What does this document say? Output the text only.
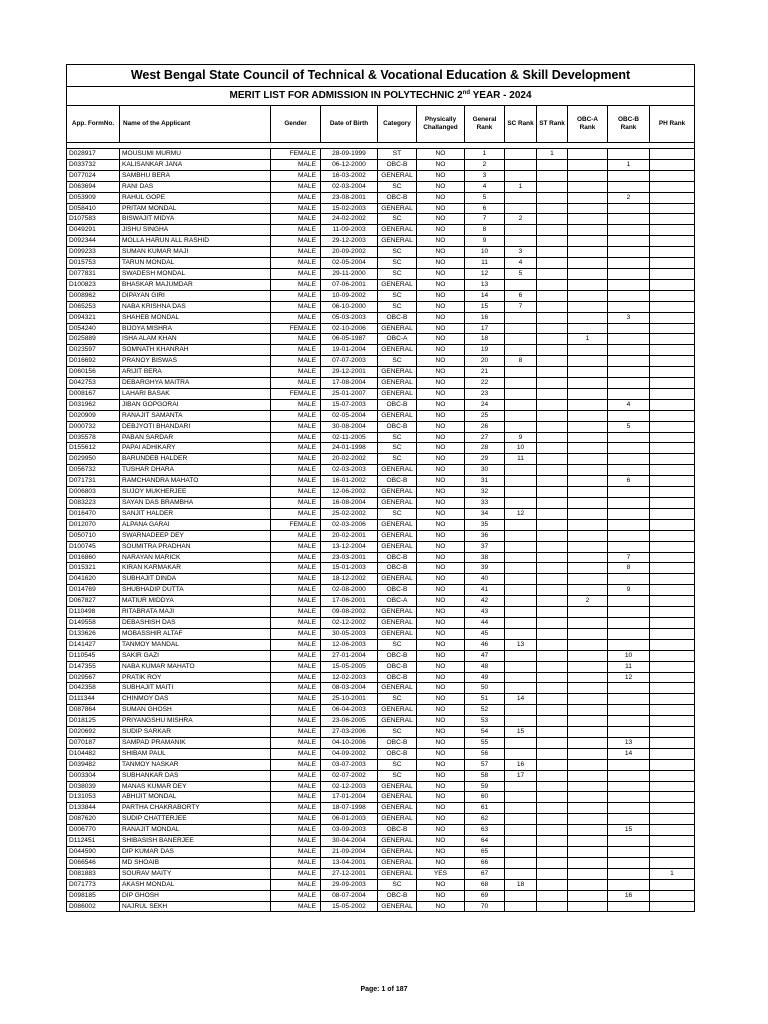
West Bengal State Council of Technical & Vocational Education & Skill Development											
MERIT LIST FOR ADMISSION IN POLYTECHNIC 2nd YEAR - 2024											
App. FormNo.	Name of the Applicant	Gender	Date of Birth	Category	Physically Challanged	General Rank	SC Rank	ST Rank	OBC-A Rank	OBC-B Rank	PH Rank

D028917	MOUSUMI MURMU	FEMALE	28-09-1999	ST	NO	1		1			
D033732	KALISANKAR JANA	MALE	06-12-2000	OBC-B	NO	2				1	
D077024	SAMBHU BERA	MALE	16-03-2002	GENERAL	NO	3					
D063694	RANI DAS	MALE	02-03-2004	SC	NO	4	1				
D053909	RAHUL GOPE	MALE	23-08-2001	OBC-B	NO	5				2	
D058410	PRITAM MONDAL	MALE	15-02-2003	GENERAL	NO	6					
D107583	BISWAJIT MIDYA	MALE	24-02-2002	SC	NO	7	2				
D049291	JISHU SINGHA	MALE	11-09-2003	GENERAL	NO	8					
D092344	MOLLA HARUN ALL RASHID	MALE	29-12-2003	GENERAL	NO	9					
D099233	SUMAN KUMAR MAJI	MALE	20-09-2002	SC	NO	10	3				
D015753	TARUN MONDAL	MALE	02-05-2004	SC	NO	11	4				
D077831	SWADESH MONDAL	MALE	29-11-2000	SC	NO	12	5				
D100823	BHASKAR MAJUMDAR	MALE	07-06-2001	GENERAL	NO	13					
D008962	DIPAYAN GIRI	MALE	10-09-2002	SC	NO	14	6				
D065253	NABA KRISHNA DAS	MALE	06-10-2000	SC	NO	15	7				
D094321	SHAHEB MONDAL	MALE	05-03-2003	OBC-B	NO	16				3	
D054240	BIJOYA MISHRA	FEMALE	02-10-2006	GENERAL	NO	17					
D025889	ISHA ALAM KHAN	MALE	06-05-1987	OBC-A	NO	18			1		
D023597	SOMNATH KHANRAH	MALE	19-01-2004	GENERAL	NO	19					
D016692	PRANOY BISWAS	MALE	07-07-2003	SC	NO	20	8				
D060156	ARIJIT BERA	MALE	29-12-2001	GENERAL	NO	21					
D042753	DEBARGHYA MAITRA	MALE	17-08-2004	GENERAL	NO	22					
D008167	LAHARI BASAK	FEMALE	25-01-2007	GENERAL	NO	23					
D031962	JIBAN GOPGORAI	MALE	15-07-2003	OBC-B	NO	24				4	
D020909	RANAJIT SAMANTA	MALE	02-05-2004	GENERAL	NO	25					
D000732	DEBJYOTI BHANDARI	MALE	30-08-2004	OBC-B	NO	26				5	
D035578	PABAN SARDAR	MALE	02-11-2005	SC	NO	27	9				
D155612	PAPAI ADHIKARY	MALE	24-01-1998	SC	NO	28	10				
D029950	BARUNDEB HALDER	MALE	20-02-2002	SC	NO	29	11				
D056732	TUSHAR DHARA	MALE	02-03-2003	GENERAL	NO	30					
D071731	RAMCHANDRA MAHATO	MALE	16-01-2002	OBC-B	NO	31				6	
D006803	SUJOY MUKHERJEE	MALE	12-06-2002	GENERAL	NO	32					
D083223	SAYAN DAS BRAMBHA	MALE	16-08-2004	GENERAL	NO	33					
D016470	SANJIT HALDER	MALE	25-02-2002	SC	NO	34	12				
D012070	ALPANA GARAI	FEMALE	02-03-2006	GENERAL	NO	35					
D050710	SWARNADEEP DEY	MALE	20-02-2001	GENERAL	NO	36					
D100745	SOUMITRA PRADHAN	MALE	13-12-2004	GENERAL	NO	37					
D016860	NARAYAN MARICK	MALE	23-03-2001	OBC-B	NO	38				7	
D015321	KIRAN KARMAKAR	MALE	15-01-2003	OBC-B	NO	39				8	
D041620	SUBHAJIT DINDA	MALE	18-12-2002	GENERAL	NO	40					
D014769	SHUBHADIP DUTTA	MALE	02-08-2000	OBC-B	NO	41				9	
D067827	MATIUR MIDDYA	MALE	17-06-2001	OBC-A	NO	42			2		
D110498	RITABRATA MAJI	MALE	09-08-2002	GENERAL	NO	43					
D149558	DEBASHISH DAS	MALE	02-12-2002	GENERAL	NO	44					
D133626	MOBASSHIR ALTAF	MALE	30-05-2003	GENERAL	NO	45					
D141427	TANMOY MANDAL	MALE	12-06-2003	SC	NO	46	13				
D110545	SAKIR GAZI	MALE	27-01-2004	OBC-B	NO	47				10	
D147355	NABA KUMAR MAHATO	MALE	15-05-2005	OBC-B	NO	48				11	
D029567	PRATIK ROY	MALE	12-02-2003	OBC-B	NO	49				12	
D042358	SUBHAJIT MAITI	MALE	08-03-2004	GENERAL	NO	50					
D111344	CHINMOY DAS	MALE	25-10-2001	SC	NO	51	14				
D087864	SUMAN GHOSH	MALE	06-04-2003	GENERAL	NO	52					
D018125	PRIYANGSHU MISHRA	MALE	23-06-2005	GENERAL	NO	53					
D020692	SUDIP SARKAR	MALE	27-03-2006	SC	NO	54	15				
D070187	SAMPAD PRAMANIK	MALE	04-10-2006	OBC-B	NO	55				13	
D104482	SHIBAM PAUL	MALE	04-09-2002	OBC-B	NO	56				14	
D039482	TANMOY NASKAR	MALE	03-07-2003	SC	NO	57	16				
D003304	SUBHANKAR DAS	MALE	02-07-2002	SC	NO	58	17				
D038039	MANAS KUMAR DEY	MALE	02-12-2003	GENERAL	NO	59					
D131053	ABHIJIT MONDAL	MALE	17-01-2004	GENERAL	NO	60					
D133844	PARTHA CHAKRABORTY	MALE	18-07-1998	GENERAL	NO	61					
D087620	SUDIP CHATTERJEE	MALE	06-01-2003	GENERAL	NO	62					
D006770	RANAJIT MONDAL	MALE	03-09-2003	OBC-B	NO	63				15	
D112451	SHIBASISH BANERJEE	MALE	30-04-2004	GENERAL	NO	64					
D044590	DIP KUMAR DAS	MALE	21-09-2004	GENERAL	NO	65					
D066546	MD SHOAIB	MALE	13-04-2001	GENERAL	NO	66					
D081883	SOURAV MAITY	MALE	27-12-2001	GENERAL	YES	67					1
D071773	AKASH MONDAL	MALE	29-09-2003	SC	NO	68	18				
D098185	DIP GHOSH	MALE	08-07-2004	OBC-B	NO	69				16	
D086002	NAJRUL SEKH	MALE	15-05-2002	GENERAL	NO	70					
Page: 1 of 187
